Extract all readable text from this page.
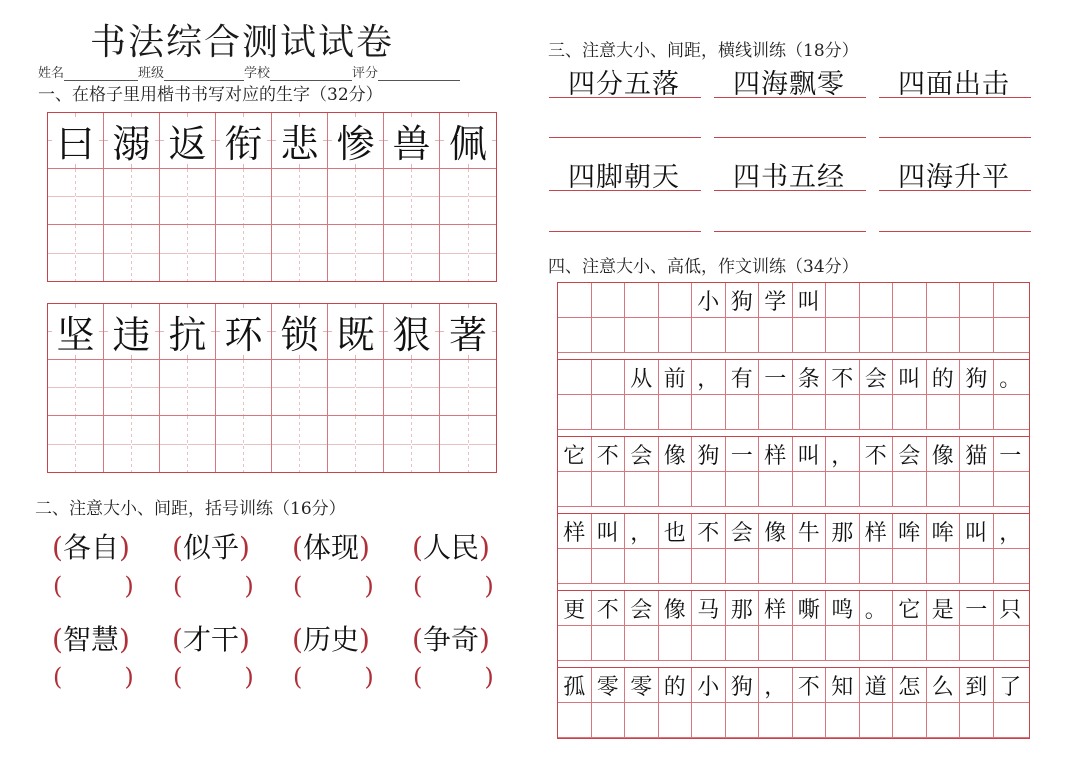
书法综合测试试卷
姓名	班级	学校	评分
一、在格子里用楷书书写对应的生字（32分）
曰 溺 返 衔 悲 惨 兽 佩
坚 违 抗 环 锁 既 狠 著
二、注意大小、间距，括号训练（16分）
(各自)
(	)
(似乎)
(	)
(体现)
(	)
(人民)
(	)
(智慧)
(	)
(才干)
(	)
(历史)
(	)
(争奇)
(	)
三、注意大小、间距，横线训练（18分）
四分五落	四海飘零	四面出击
四脚朝天	四书五经	四海升平
四、注意大小、高低，作文训练（34分）
小 狗 学 叫
从 前 ， 有 一 条 不 会 叫 的 狗 。
它 不 会 像 狗 一 样 叫 ， 不 会 像 猫 一
样 叫 ， 也 不 会 像 牛 那 样 哞 哞 叫 ，
更 不 会 像 马 那 样 嘶 鸣 。 它 是 一 只
孤 零 零 的 小 狗 ， 不 知 道 怎 么 到 了
